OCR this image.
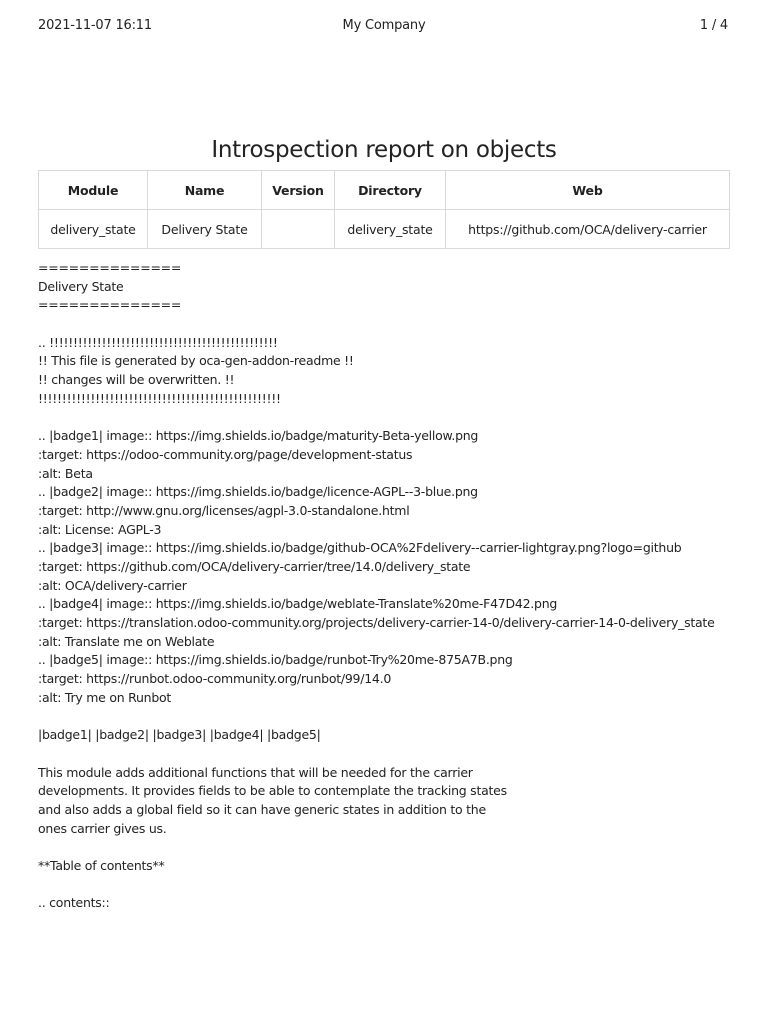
2021-11-07 16:11	My Company	1 / 4
Introspection report on objects
Module	Name	Version	Directory	Web
delivery_state	Delivery State		delivery_state	https://github.com/OCA/delivery-carrier
==============
Delivery State
==============
.. !!!!!!!!!!!!!!!!!!!!!!!!!!!!!!!!!!!!!!!!!!!!!!!!
!! This file is generated by oca-gen-addon-readme !!
!! changes will be overwritten. !!
!!!!!!!!!!!!!!!!!!!!!!!!!!!!!!!!!!!!!!!!!!!!!!!!!!!
.. |badge1| image:: https://img.shields.io/badge/maturity-Beta-yellow.png
:target: https://odoo-community.org/page/development-status
:alt: Beta
.. |badge2| image:: https://img.shields.io/badge/licence-AGPL--3-blue.png
:target: http://www.gnu.org/licenses/agpl-3.0-standalone.html
:alt: License: AGPL-3
.. |badge3| image:: https://img.shields.io/badge/github-OCA%2Fdelivery--carrier-lightgray.png?logo=github
:target: https://github.com/OCA/delivery-carrier/tree/14.0/delivery_state
:alt: OCA/delivery-carrier
.. |badge4| image:: https://img.shields.io/badge/weblate-Translate%20me-F47D42.png
:target: https://translation.odoo-community.org/projects/delivery-carrier-14-0/delivery-carrier-14-0-delivery_state
:alt: Translate me on Weblate
.. |badge5| image:: https://img.shields.io/badge/runbot-Try%20me-875A7B.png
:target: https://runbot.odoo-community.org/runbot/99/14.0
:alt: Try me on Runbot
|badge1| |badge2| |badge3| |badge4| |badge5|
This module adds additional functions that will be needed for the carrier
developments. It provides fields to be able to contemplate the tracking states
and also adds a global field so it can have generic states in addition to the
ones carrier gives us.
**Table of contents**
.. contents::
